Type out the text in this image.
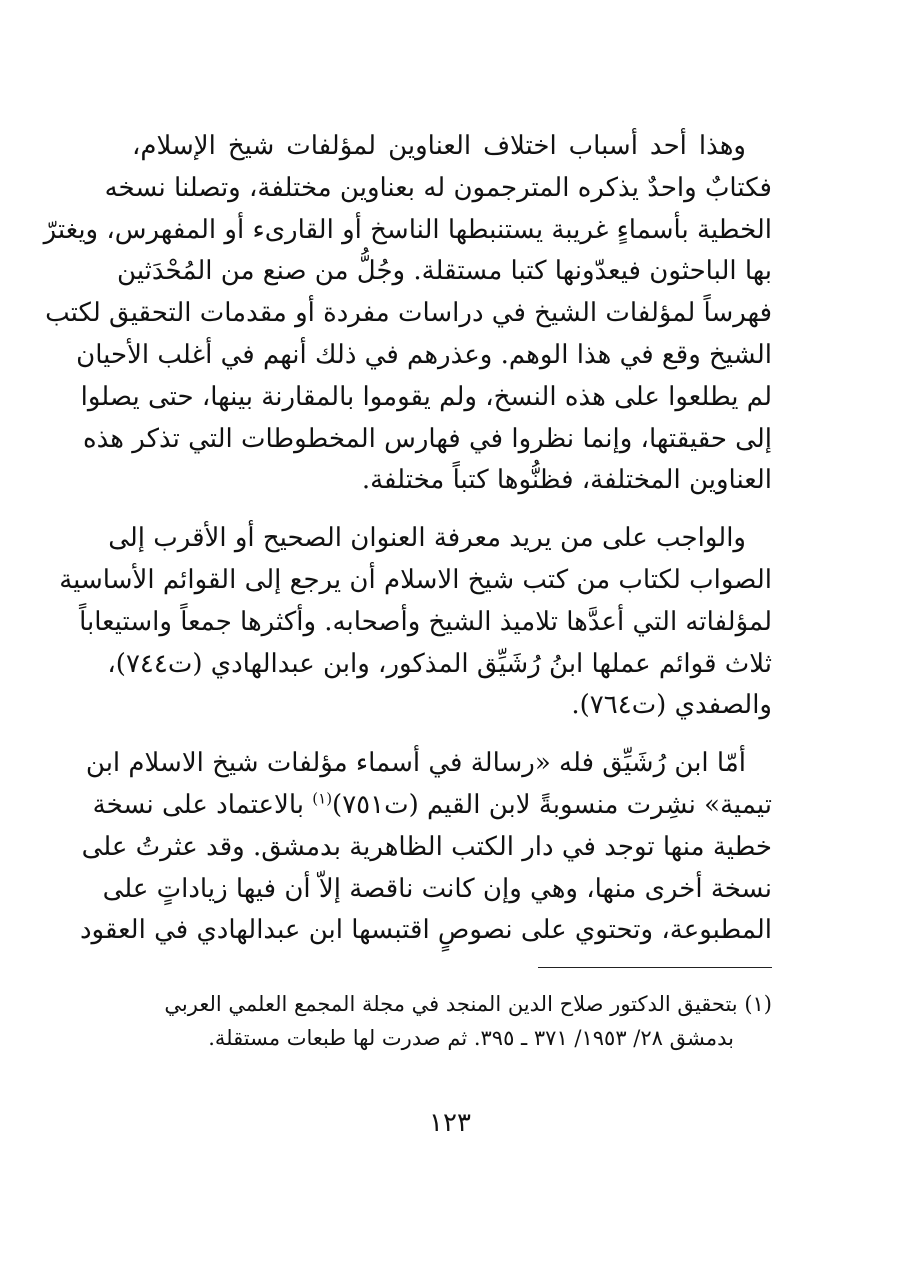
وهذا أحد أسباب اختلاف العناوين لمؤلفات شيخ الإسلام،
فكتابٌ واحدٌ يذكره المترجمون له بعناوين مختلفة، وتصلنا نسخه
الخطية بأسماءٍ غريبة يستنبطها الناسخ أو القارىء أو المفهرس، ويغترّ
بها الباحثون فيعدّونها كتبا مستقلة. وجُلُّ من صنع من المُحْدَثين
فهرساً لمؤلفات الشيخ في دراسات مفردة أو مقدمات التحقيق لكتب
الشيخ وقع في هذا الوهم. وعذرهم في ذلك أنهم في أغلب الأحيان
لم يطلعوا على هذه النسخ، ولم يقوموا بالمقارنة بينها، حتى يصلوا
إلى حقيقتها، وإنما نظروا في فهارس المخطوطات التي تذكر هذه
العناوين المختلفة، فظنُّوها كتباً مختلفة.

والواجب على من يريد معرفة العنوان الصحيح أو الأقرب إلى
الصواب لكتاب من كتب شيخ الاسلام أن يرجع إلى القوائم الأساسية
لمؤلفاته التي أعدَّها تلاميذ الشيخ وأصحابه. وأكثرها جمعاً واستيعاباً
ثلاث قوائم عملها ابنُ رُشَيِّق المذكور، وابن عبدالهادي (ت٧٤٤)،
والصفدي (ت٧٦٤).

أمّا ابن رُشَيِّق فله «رسالة في أسماء مؤلفات شيخ الاسلام ابن
تيمية» نشِرت منسوبةً لابن القيم (ت٧٥١)$^{(١)}$ بالاعتماد على نسخة
خطية منها توجد في دار الكتب الظاهرية بدمشق. وقد عثرتُ على
نسخة أخرى منها، وهي وإن كانت ناقصة إلاّ أن فيها زياداتٍ على
المطبوعة، وتحتوي على نصوصٍ اقتبسها ابن عبدالهادي في العقود

(١) بتحقيق الدكتور صلاح الدين المنجد في مجلة المجمع العلمي العربي
بدمشق ٢٨/ ١٩٥٣/ ٣٧١ ـ ٣٩٥. ثم صدرت لها طبعات مستقلة.
١٢٣
